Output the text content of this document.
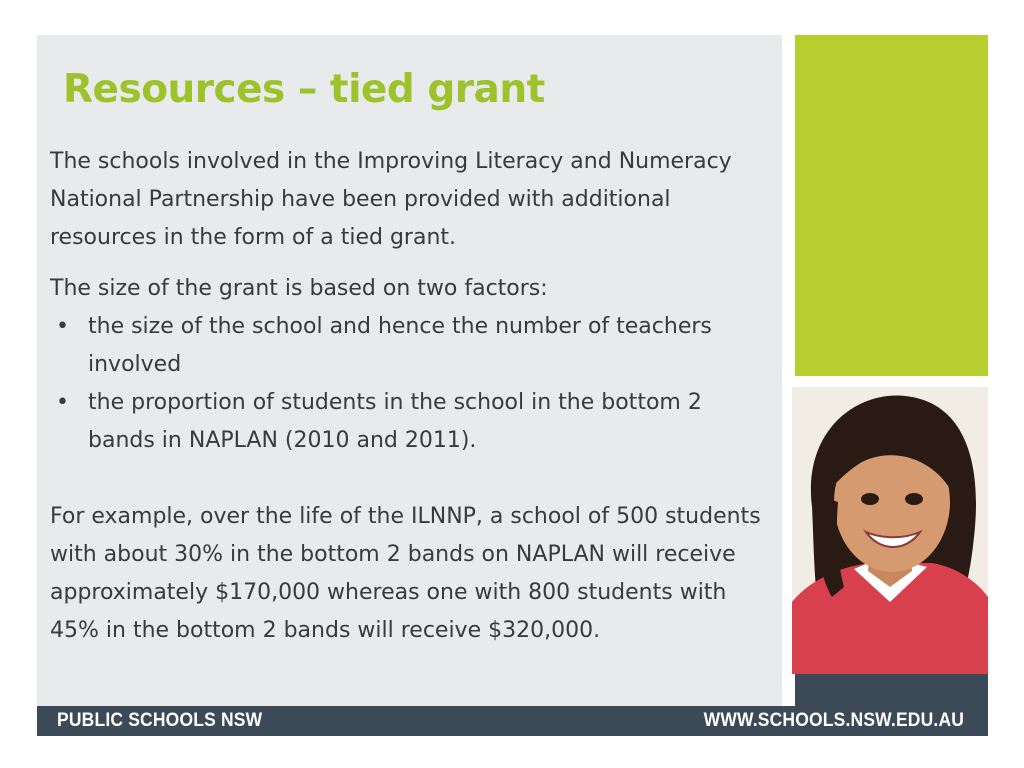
Resources – tied grant

The schools involved in the Improving Literacy and Numeracy National Partnership have been provided with additional resources in the form of a tied grant.

The size of the grant is based on two factors:

• the size of the school and hence the number of teachers involved
• the proportion of students in the school in the bottom 2 bands in NAPLAN (2010 and 2011).

For example, over the life of the ILNNP, a school of 500 students with about 30% in the bottom 2 bands on NAPLAN will receive approximately $170,000 whereas one with 800 students with 45% in the bottom 2 bands will receive $320,000.

PUBLIC SCHOOLS NSW	WWW.SCHOOLS.NSW.EDU.AU
